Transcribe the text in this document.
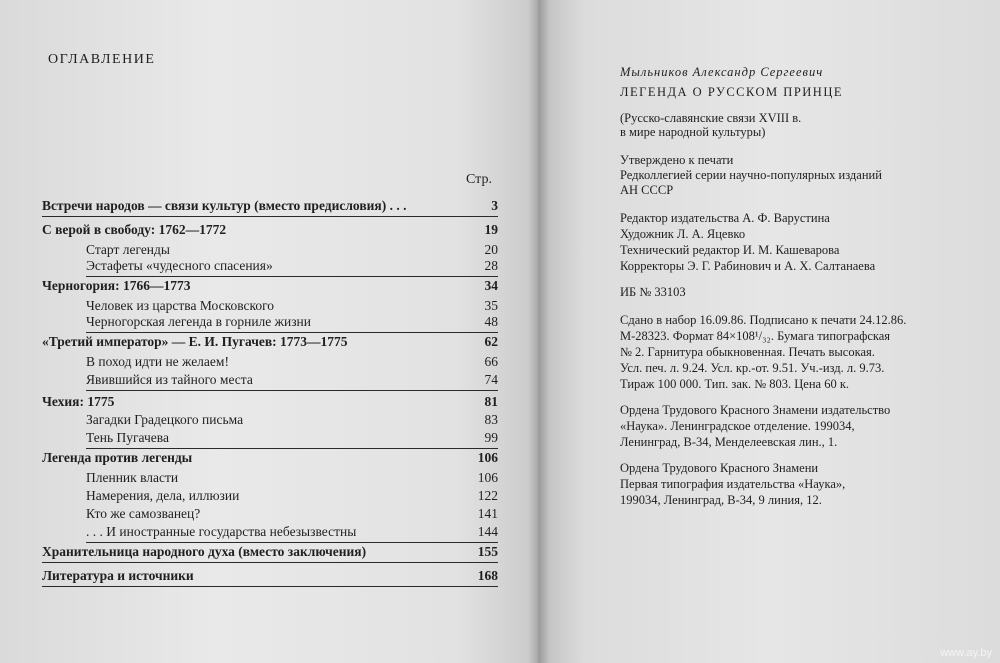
ОГЛАВЛЕНИЕ
Стр.
Встречи народов — связи культур (вместо предисловия) . . .	3
С верой в свободу: 1762—1772	19
Старт легенды	20
Эстафеты «чудесного спасения»	28
Черногория: 1766—1773	34
Человек из царства Московского	35
Черногорская легенда в горниле жизни	48
«Третий император» — Е. И. Пугачев: 1773—1775	62
В поход идти не желаем!	66
Явившийся из тайного места	74
Чехия: 1775	81
Загадки Градецкого письма	83
Тень Пугачева	99
Легенда против легенды	106
Пленник власти	106
Намерения, дела, иллюзии	122
Кто же самозванец?	141
. . . И иностранные государства небезызвестны	144
Хранительница народного духа (вместо заключения)	155
Литература и источники	168
Мыльников Александр Сергеевич
ЛЕГЕНДА О РУССКОМ ПРИНЦЕ
(Русско-славянские связи XVIII в.
в мире народной культуры)
Утверждено к печати
Редколлегией серии научно-популярных изданий
АН СССР
Редактор издательства А. Ф. Варустина
Художник Л. А. Яцевко
Технический редактор И. М. Кашеварова
Корректоры Э. Г. Рабинович и А. Х. Салтанаева
ИБ № 33103
Сдано в набор 16.09.86. Подписано к печати 24.12.86.
М-28323. Формат 84×108¹/₃₂. Бумага типографская
№ 2. Гарнитура обыкновенная. Печать высокая.
Усл. печ. л. 9.24. Усл. кр.-от. 9.51. Уч.-изд. л. 9.73.
Тираж 100 000. Тип. зак. № 803. Цена 60 к.
Ордена Трудового Красного Знамени издательство
«Наука». Ленинградское отделение. 199034,
Ленинград, В-34, Менделеевская лин., 1.
Ордена Трудового Красного Знамени
Первая типография издательства «Наука»,
199034, Ленинград, В-34, 9 линия, 12.
www.ay.by
